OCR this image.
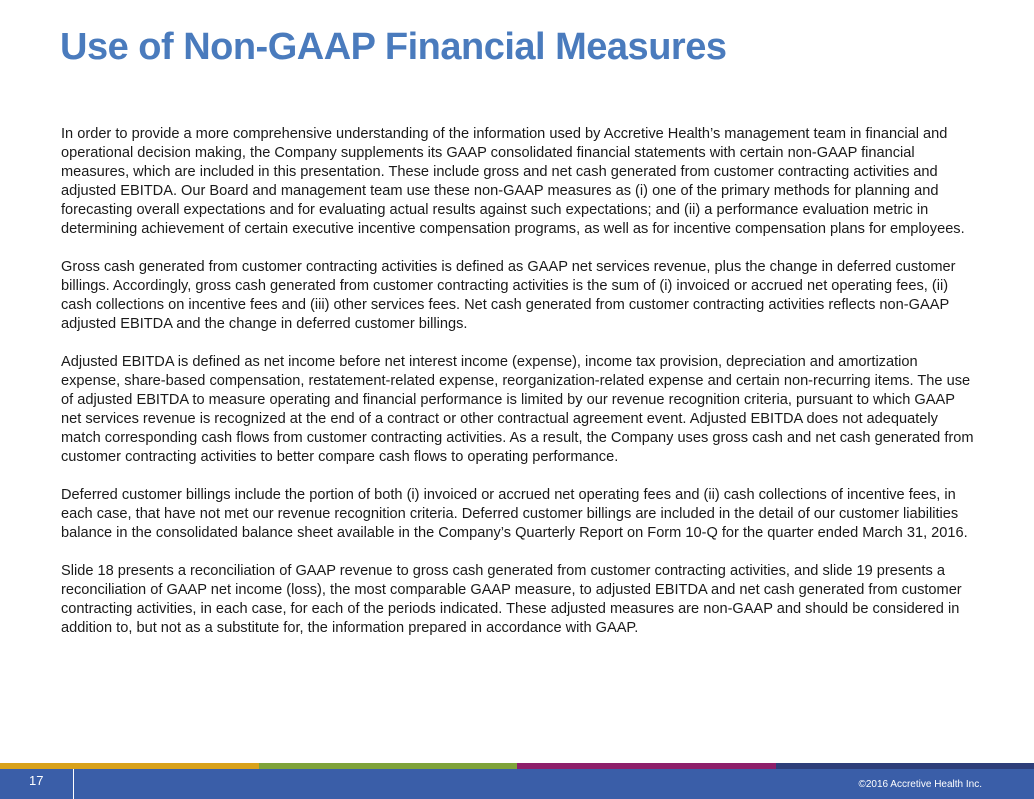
Use of Non-GAAP Financial Measures

In order to provide a more comprehensive understanding of the information used by Accretive Health’s management team in financial and operational decision making, the Company supplements its GAAP consolidated financial statements with certain non-GAAP financial measures, which are included in this presentation. These include gross and net cash generated from customer contracting activities and adjusted EBITDA. Our Board and management team use these non-GAAP measures as (i) one of the primary methods for planning and forecasting overall expectations and for evaluating actual results against such expectations; and (ii) a performance evaluation metric in determining achievement of certain executive incentive compensation programs, as well as for incentive compensation plans for employees.

Gross cash generated from customer contracting activities is defined as GAAP net services revenue, plus the change in deferred customer billings. Accordingly, gross cash generated from customer contracting activities is the sum of (i) invoiced or accrued net operating fees, (ii) cash collections on incentive fees and (iii) other services fees. Net cash generated from customer contracting activities reflects non-GAAP adjusted EBITDA and the change in deferred customer billings.

Adjusted EBITDA is defined as net income before net interest income (expense), income tax provision, depreciation and amortization expense, share-based compensation, restatement-related expense, reorganization-related expense and certain non-recurring items. The use of adjusted EBITDA to measure operating and financial performance is limited by our revenue recognition criteria, pursuant to which GAAP net services revenue is recognized at the end of a contract or other contractual agreement event. Adjusted EBITDA does not adequately match corresponding cash flows from customer contracting activities. As a result, the Company uses gross cash and net cash generated from customer contracting activities to better compare cash flows to operating performance.

Deferred customer billings include the portion of both (i) invoiced or accrued net operating fees and (ii) cash collections of incentive fees, in each case, that have not met our revenue recognition criteria. Deferred customer billings are included in the detail of our customer liabilities balance in the consolidated balance sheet available in the Company’s Quarterly Report on Form 10-Q for the quarter ended March 31, 2016.

Slide 18 presents a reconciliation of GAAP revenue to gross cash generated from customer contracting activities, and slide 19 presents a reconciliation of GAAP net income (loss), the most comparable GAAP measure, to adjusted EBITDA and net cash generated from customer contracting activities, in each case, for each of the periods indicated. These adjusted measures are non-GAAP and should be considered in addition to, but not as a substitute for, the information prepared in accordance with GAAP.

17	©2016 Accretive Health Inc.
